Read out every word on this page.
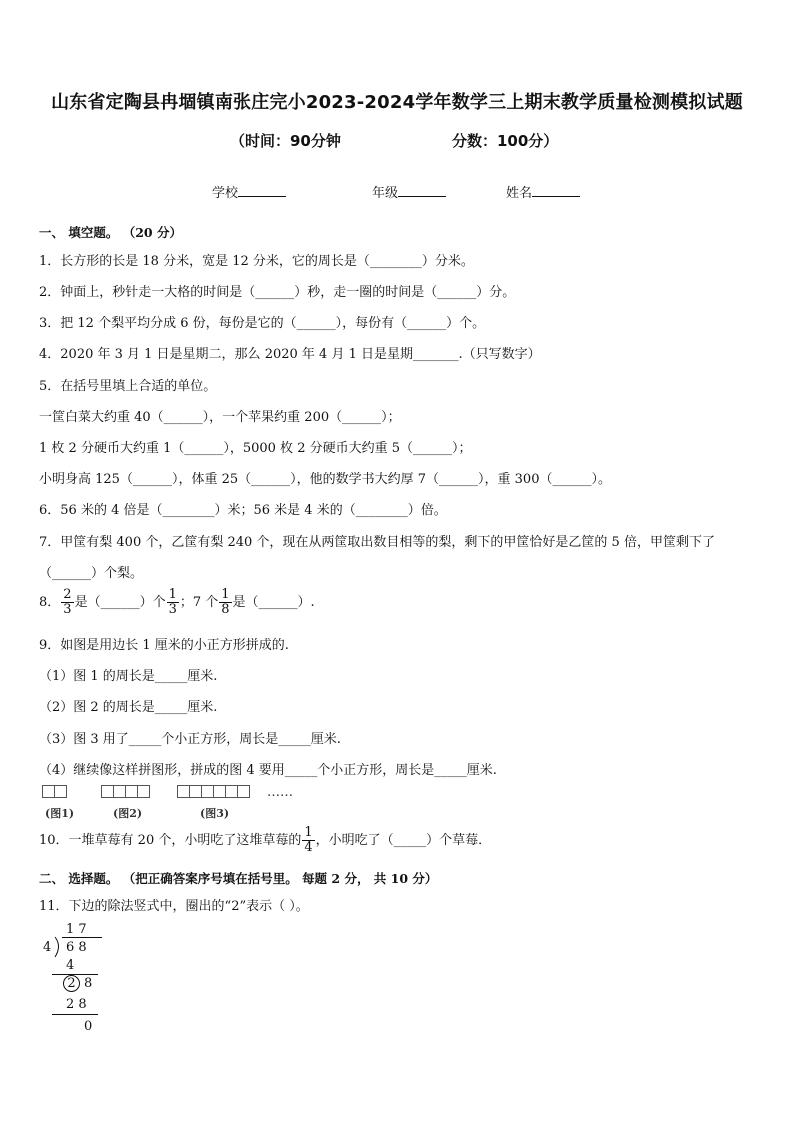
山东省定陶县冉堌镇南张庄完小2023-2024学年数学三上期末教学质量检测模拟试题
（时间：90分钟	分数：100分）
学校	年级	姓名
一、 填空题。 （20 分）
1．长方形的长是 18 分米，宽是 12 分米，它的周长是（________）分米。
2．钟面上，秒针走一大格的时间是（______）秒，走一圈的时间是（______）分。
3．把 12 个梨平均分成 6 份，每份是它的（______），每份有（______）个。
4．2020 年 3 月 1 日是星期二，那么 2020 年 4 月 1 日是星期_______.（只写数字）
5．在括号里填上合适的单位。
一筐白菜大约重 40（______），一个苹果约重 200（______）；
1 枚 2 分硬币大约重 1（______），5000 枚 2 分硬币大约重 5（______）；
小明身高 125（______），体重 25（______），他的数学书大约厚 7（______），重 300（______）。
6．56 米的 4 倍是（________）米；56 米是 4 米的（________）倍。
7．甲筐有梨 400 个，乙筐有梨 240 个，现在从两筐取出数目相等的梨，剩下的甲筐恰好是乙筐的 5 倍，甲筐剩下了
（______）个梨。
8． $\frac{2}{3}$ 是（______）个 $\frac{1}{3}$ ；7 个 $\frac{1}{8}$ 是（______）.
9．如图是用边长 1 厘米的小正方形拼成的.
（1）图 1 的周长是_____厘米.
（2）图 2 的周长是_____厘米.
（3）图 3 用了_____个小正方形，周长是_____厘米.
（4）继续像这样拼图形，拼成的图 4 要用_____个小正方形，周长是_____厘米.
(图1)	(图2)	(图3)
……
10．一堆草莓有 20 个，小明吃了这堆草莓的 $\frac{1}{4}$ ，小明吃了（_____）个草莓．
二、 选择题。 （把正确答案序号填在括号里。 每题 2 分， 共 10 分）
11．下边的除法竖式中，圈出的“2”表示（ ）。
1 7
4 6 8
4
2 8
2 8
0
